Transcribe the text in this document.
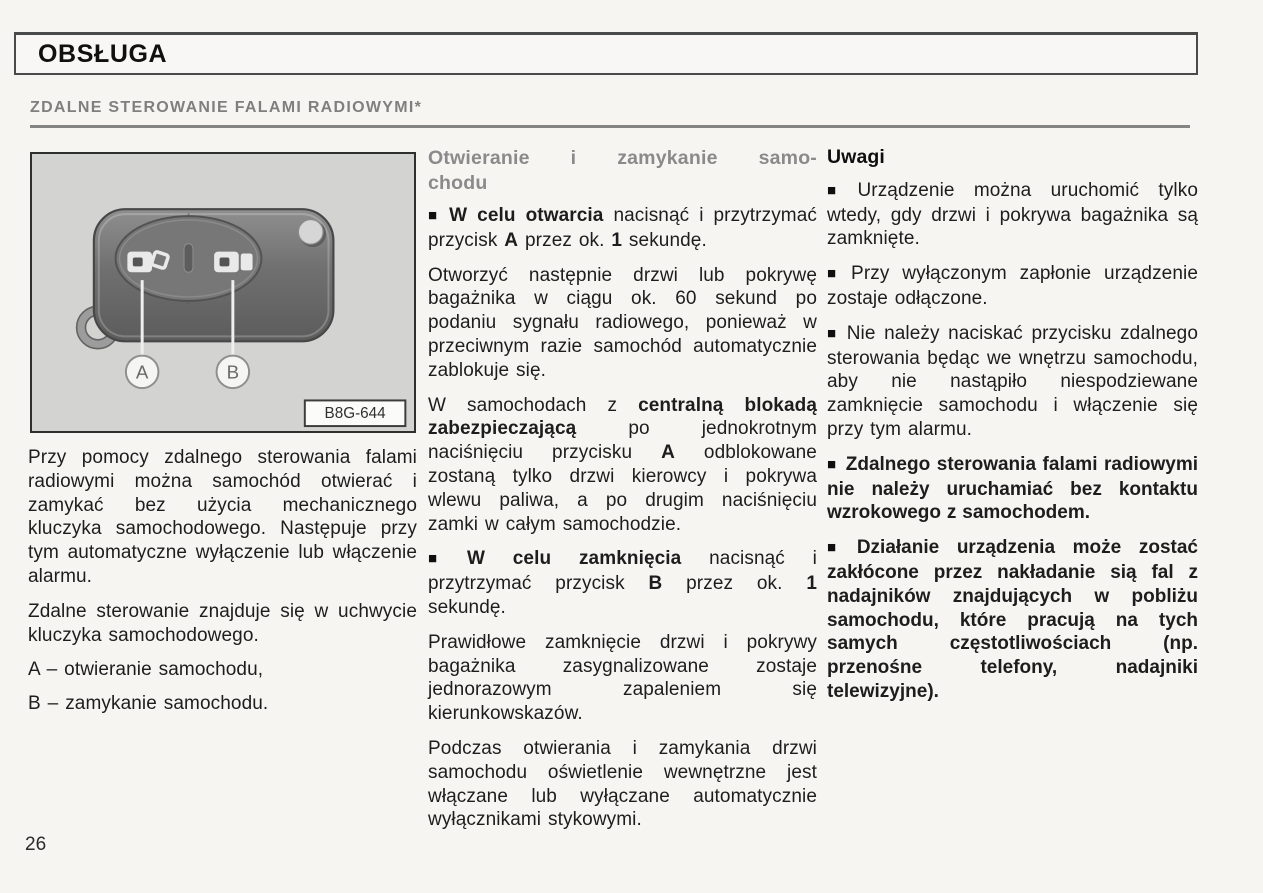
OBSŁUGA
ZDALNE STEROWANIE FALAMI RADIOWYMI*
A	B
B8G-644

Przy pomocy zdalnego sterowania falami radiowymi można samochód otwierać i zamykać bez użycia mechanicznego kluczyka samochodowego. Następuje przy tym automatyczne wyłączenie lub włączenie alarmu.

Zdalne sterowanie znajduje się w uchwycie kluczyka samochodowego.

A – otwieranie samochodu,

B – zamykanie samochodu.

Otwieranie i zamykanie samo-
chodu

■ W celu otwarcia nacisnąć i przytrzymać przycisk A przez ok. 1 sekundę.

Otworzyć następnie drzwi lub pokrywę bagażnika w ciągu ok. 60 sekund po podaniu sygnału radiowego, ponieważ w przeciwnym razie samochód automatycznie zablokuje się.

W samochodach z centralną blokadą zabezpieczającą po jednokrotnym naciśnięciu przycisku A odblokowane zostaną tylko drzwi kierowcy i pokrywa wlewu paliwa, a po drugim naciśnięciu zamki w całym samochodzie.

■ W celu zamknięcia nacisnąć i przytrzymać przycisk B przez ok. 1 sekundę.

Prawidłowe zamknięcie drzwi i pokrywy bagażnika zasygnalizowane zostaje jednorazowym zapaleniem się kierunkowskazów.

Podczas otwierania i zamykania drzwi samochodu oświetlenie wewnętrzne jest włączane lub wyłączane automatycznie wyłącznikami stykowymi.

Uwagi

■ Urządzenie można uruchomić tylko wtedy, gdy drzwi i pokrywa bagażnika są zamknięte.

■ Przy wyłączonym zapłonie urządzenie zostaje odłączone.

■ Nie należy naciskać przycisku zdalnego sterowania będąc we wnętrzu samochodu, aby nie nastąpiło niespodziewane zamknięcie samochodu i włączenie się przy tym alarmu.

■ Zdalnego sterowania falami radiowymi nie należy uruchamiać bez kontaktu wzrokowego z samochodem.

■ Działanie urządzenia może zostać zakłócone przez nakładanie sią fal z nadajników znajdujących w pobliżu samochodu, które pracują na tych samych częstotliwościach (np. przenośne telefony, nadajniki telewizyjne).

26
